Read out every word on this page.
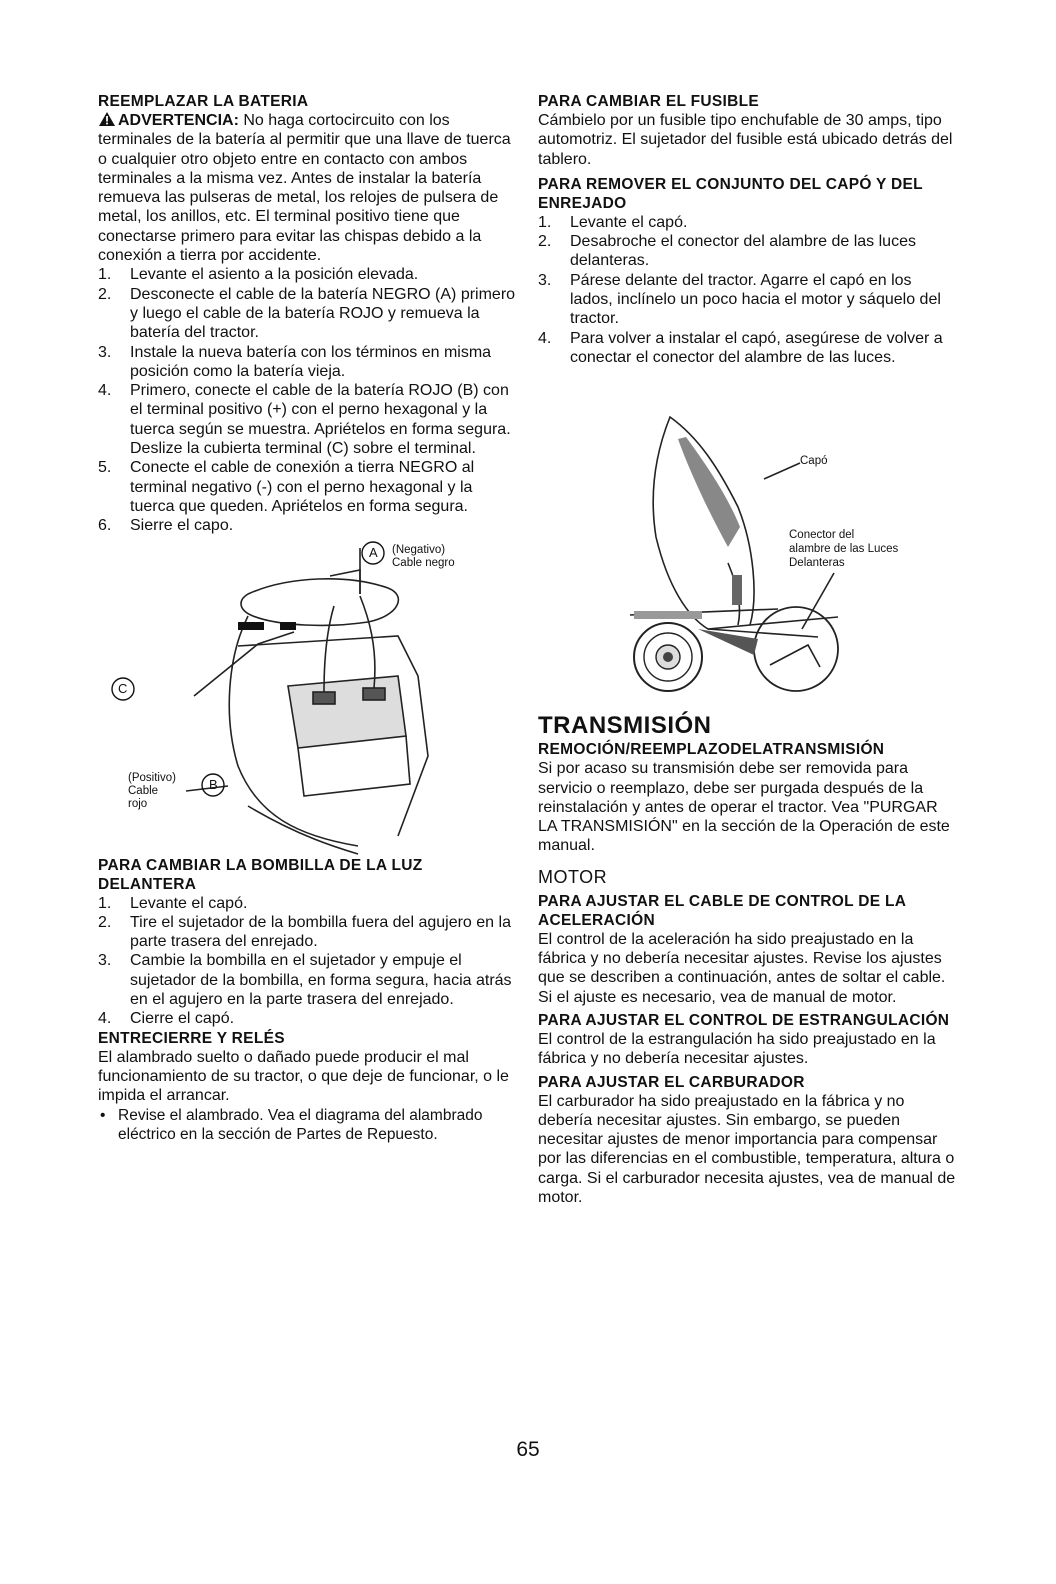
REEMPLAZAR LA BATERIA

ADVERTENCIA: No haga cortocircuito con los terminales de la batería al permitir que una llave de tuerca o cualquier otro objeto entre en contacto con ambos terminales a la misma vez. Antes de instalar la batería remueva las pulseras de metal, los relojes de pulsera de metal, los anillos, etc. El terminal positivo tiene que conectarse primero para evitar las chispas debido a la conexión a tierra por accidente.

1. Levante el asiento a la posición elevada.
2. Desconecte el cable de la batería NEGRO (A) primero y luego el cable de la batería ROJO y remueva la batería del tractor.
3. Instale la nueva batería con los términos en misma posición como la batería vieja.
4. Primero, conecte el cable de la batería ROJO (B) con el terminal positivo (+) con el perno hexagonal y la tuerca según se muestra. Apriételos en forma segura. Deslize la cubierta terminal (C) sobre el terminal.
5. Conecte el cable de conexión a tierra NEGRO al terminal negativo (-) con el perno hexagonal y la tuerca que queden. Apriételos en forma segura.
6. Sierre el capo.
A (Negativo)
Cable negro
C
B
(Positivo)
Cable
rojo
PARA CAMBIAR LA BOMBILLA DE LA LUZ DELANTERA
1. Levante el capó.
2. Tire el sujetador de la bombilla fuera del agujero en la parte trasera del enrejado.
3. Cambie la bombilla en el sujetador y empuje el sujetador de la bombilla, en forma segura, hacia atrás en el agujero en la parte trasera del enrejado.
4. Cierre el capó.
ENTRECIERRE Y RELÉS

El alambrado suelto o dañado puede producir el mal funcionamiento de su tractor, o que deje de funcionar, o le impida el arrancar.

• Revise el alambrado. Vea el diagrama del alambrado eléctrico en la sección de Partes de Repuesto.
PARA CAMBIAR EL FUSIBLE

Cámbielo por un fusible tipo enchufable de 30 amps, tipo automotriz. El sujetador del fusible está ubicado detrás del tablero.

PARA REMOVER EL CONJUNTO DEL CAPÓ Y DEL ENREJADO
1. Levante el capó.
2. Desabroche el conector del alambre de las luces delanteras.
3. Párese delante del tractor. Agarre el capó en los lados, inclínelo un poco hacia el motor y sáquelo del tractor.
4. Para volver a instalar el capó, asegúrese de volver a conectar el conector del alambre de las luces.
Capó
Conector del
alambre de las Luces
Delanteras
TRANSMISIÓN
REMOCIÓN/REEMPLAZODELATRANSMISIÓN

Si por acaso su transmisión debe ser removida para servicio o reemplazo, debe ser purgada después de la reinstalación y antes de operar el tractor. Vea "PURGAR LA TRANSMISIÓN" en la sección de la Operación de este manual.

MOTOR
PARA AJUSTAR EL CABLE DE CONTROL DE LA ACELERACIÓN

El control de la aceleración ha sido preajustado en la fábrica y no debería necesitar ajustes. Revise los ajustes que se describen a continuación, antes de soltar el cable. Si el ajuste es necesario, vea de manual de motor.

PARA AJUSTAR EL CONTROL DE ESTRANGULACIÓN

El control de la estrangulación ha sido preajustado en la fábrica y no debería necesitar ajustes.

PARA AJUSTAR EL CARBURADOR

El carburador ha sido preajustado en la fábrica y no debería necesitar ajustes. Sin embargo, se pueden necesitar ajustes de menor importancia para compensar por las diferencias en el combustible, temperatura, altura o carga. Si el carburador necesita ajustes, vea de manual de motor.

65
